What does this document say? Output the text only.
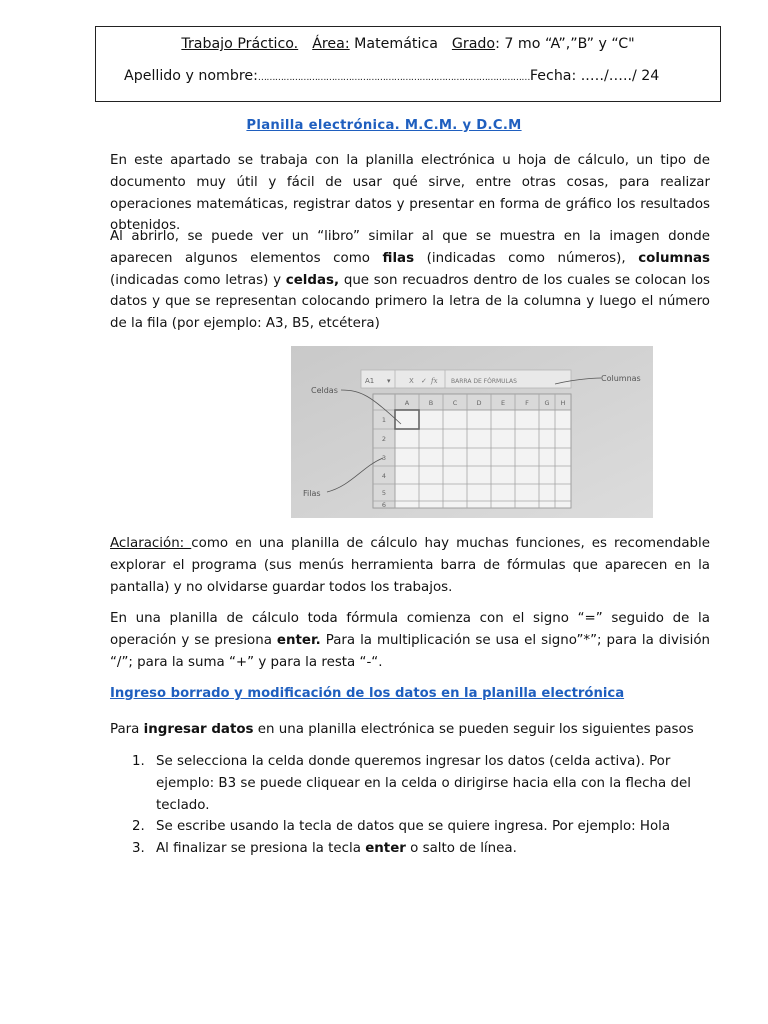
Trabajo Práctico. Área: Matemática Grado: 7 mo “A”,”B” y “C"
Apellido y nombre:……………………………………………………………………………………Fecha: ..…/…../ 24
Planilla electrónica. M.C.M. y D.C.M
En este apartado se trabaja con la planilla electrónica u hoja de cálculo, un tipo de documento muy útil y fácil de usar qué sirve, entre otras cosas, para realizar operaciones matemáticas, registrar datos y presentar en forma de gráfico los resultados obtenidos.
Al abrirlo, se puede ver un “libro” similar al que se muestra en la imagen donde aparecen algunos elementos como filas (indicadas como números), columnas (indicadas como letras) y celdas, que son recuadros dentro de los cuales se colocan los datos y que se representan colocando primero la letra de la columna y luego el número de la fila (por ejemplo: A3, B5, etcétera)
A1 ▾	X ✓ fx BARRA DE FÓRMULAS
A	B	C	D	E	F G H
1
2
3
4
5
6
Celdas
Columnas
Filas
Aclaración: como en una planilla de cálculo hay muchas funciones, es recomendable explorar el programa (sus menús herramienta barra de fórmulas que aparecen en la pantalla) y no olvidarse guardar todos los trabajos.
En una planilla de cálculo toda fórmula comienza con el signo “=” seguido de la operación y se presiona enter. Para la multiplicación se usa el signo”*”; para la división “/”; para la suma “+” y para la resta “-“.
Ingreso borrado y modificación de los datos en la planilla electrónica
Para ingresar datos en una planilla electrónica se pueden seguir los siguientes pasos
1. Se selecciona la celda donde queremos ingresar los datos (celda activa). Por ejemplo: B3 se puede cliquear en la celda o dirigirse hacia ella con la flecha del teclado.
2. Se escribe usando la tecla de datos que se quiere ingresa. Por ejemplo: Hola
3. Al finalizar se presiona la tecla enter o salto de línea.
